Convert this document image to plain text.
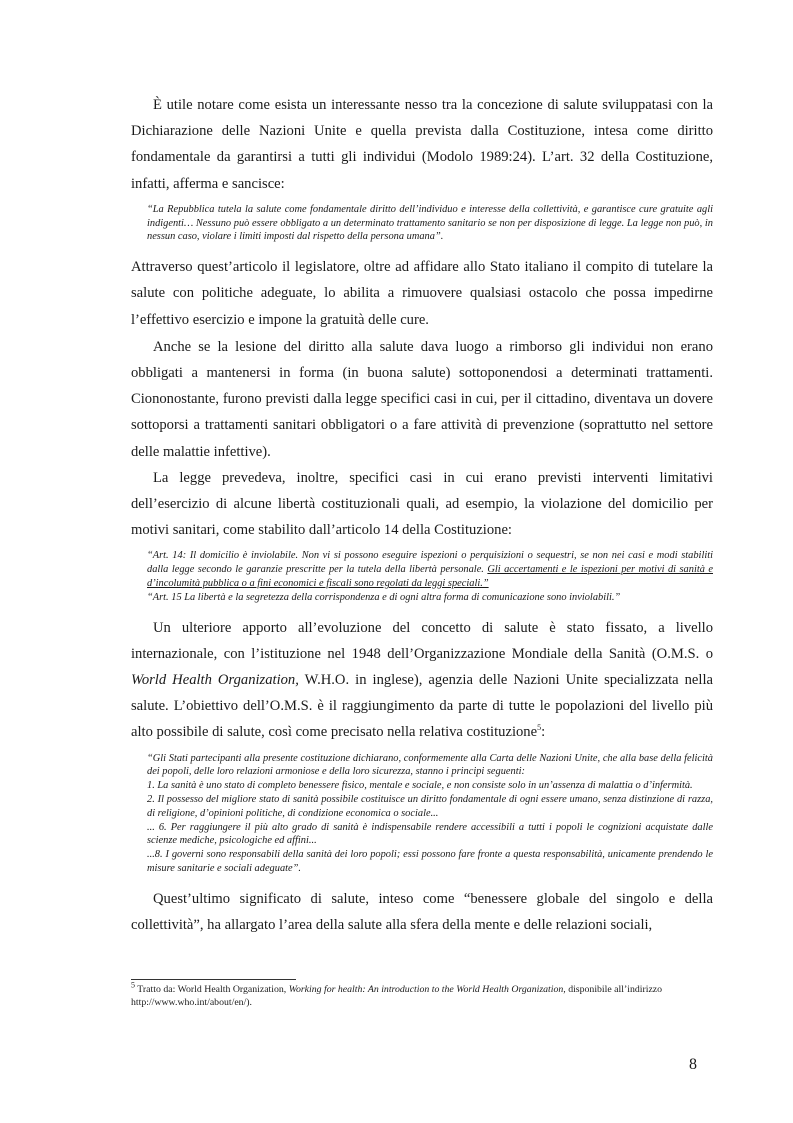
È utile notare come esista un interessante nesso tra la concezione di salute sviluppatasi con la Dichiarazione delle Nazioni Unite e quella prevista dalla Costituzione, intesa come diritto fondamentale da garantirsi a tutti gli individui (Modolo 1989:24). L’art. 32 della Costituzione, infatti, afferma e sancisce:

“La Repubblica tutela la salute come fondamentale diritto dell’individuo e interesse della collettività, e garantisce cure gratuite agli indigenti… Nessuno può essere obbligato a un determinato trattamento sanitario se non per disposizione di legge. La legge non può, in nessun caso, violare i limiti imposti dal rispetto della persona umana”.

Attraverso quest’articolo il legislatore, oltre ad affidare allo Stato italiano il compito di tutelare la salute con politiche adeguate, lo abilita a rimuovere qualsiasi ostacolo che possa impedirne l’effettivo esercizio e impone la gratuità delle cure.

Anche se la lesione del diritto alla salute dava luogo a rimborso gli individui non erano obbligati a mantenersi in forma (in buona salute) sottoponendosi a determinati trattamenti. Ciononostante, furono previsti dalla legge specifici casi in cui, per il cittadino, diventava un dovere sottoporsi a trattamenti sanitari obbligatori o a fare attività di prevenzione (soprattutto nel settore delle malattie infettive).

La legge prevedeva, inoltre, specifici casi in cui erano previsti interventi limitativi dell’esercizio di alcune libertà costituzionali quali, ad esempio, la violazione del domicilio per motivi sanitari, come stabilito dall’articolo 14 della Costituzione:

“Art. 14: Il domicilio è inviolabile. Non vi si possono eseguire ispezioni o perquisizioni o sequestri, se non nei casi e modi stabiliti dalla legge secondo le garanzie prescritte per la tutela della libertà personale. Gli accertamenti e le ispezioni per motivi di sanità e d’incolumità pubblica o a fini economici e fiscali sono regolati da leggi speciali.”

“Art. 15 La libertà e la segretezza della corrispondenza e di ogni altra forma di comunicazione sono inviolabili.”

Un ulteriore apporto all’evoluzione del concetto di salute è stato fissato, a livello internazionale, con l’istituzione nel 1948 dell’Organizzazione Mondiale della Sanità (O.M.S. o World Health Organization, W.H.O. in inglese), agenzia delle Nazioni Unite specializzata nella salute. L’obiettivo dell’O.M.S. è il raggiungimento da parte di tutte le popolazioni del livello più alto possibile di salute, così come precisato nella relativa costituzione$^5$:

“Gli Stati partecipanti alla presente costituzione dichiarano, conformemente alla Carta delle Nazioni Unite, che alla base della felicità dei popoli, delle loro relazioni armoniose e della loro sicurezza, stanno i principi seguenti:

1. La sanità è uno stato di completo benessere fisico, mentale e sociale, e non consiste solo in un’assenza di malattia o d’infermità.

2. Il possesso del migliore stato di sanità possibile costituisce un diritto fondamentale di ogni essere umano, senza distinzione di razza, di religione, d’opinioni politiche, di condizione economica o sociale...

... 6. Per raggiungere il più alto grado di sanità è indispensabile rendere accessibili a tutti i popoli le cognizioni acquistate dalle scienze mediche, psicologiche ed affini...

...8. I governi sono responsabili della sanità dei loro popoli; essi possono fare fronte a questa responsabilità, unicamente prendendo le misure sanitarie e sociali adeguate”.

Quest’ultimo significato di salute, inteso come “benessere globale del singolo e della collettività”, ha allargato l’area della salute alla sfera della mente e delle relazioni sociali,

$^5$ Tratto da: World Health Organization, Working for health: An introduction to the World Health Organization, disponibile all’indirizzo http://www.who.int/about/en/).
8
